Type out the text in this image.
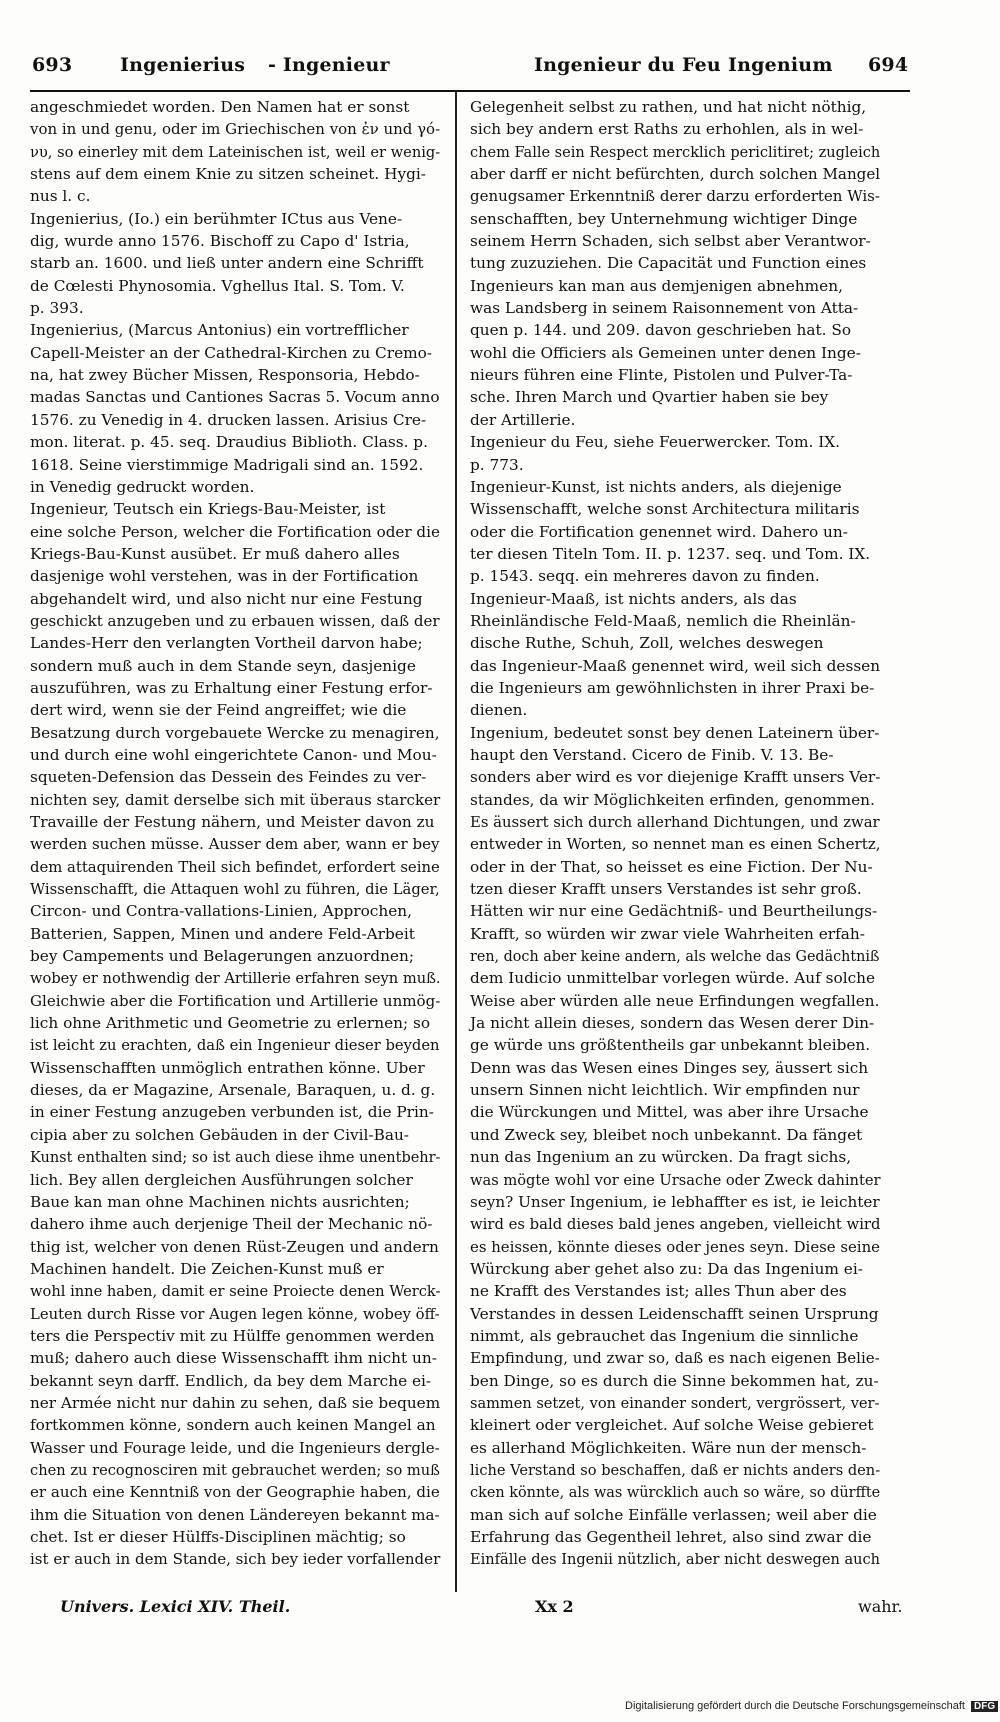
693	Ingenierius - Ingenieur	Ingenieur du Feu Ingenium 694
angeschmiedet worden. Den Namen hat er sonst
von in und genu, oder im Griechischen von ἐν und γό-
νυ, so einerley mit dem Lateinischen ist, weil er wenig-
stens auf dem einem Knie zu sitzen scheinet. Hygi-
nus l. c.
Ingenierius, (Io.) ein berühmter ICtus aus Vene-
dig, wurde anno 1576. Bischoff zu Capo d' Istria,
starb an. 1600. und ließ unter andern eine Schrifft
de Cœlesti Phynosomia. Vghellus Ital. S. Tom. V.
p. 393.
Ingenierius, (Marcus Antonius) ein vortrefflicher
Capell-Meister an der Cathedral-Kirchen zu Cremo-
na, hat zwey Bücher Missen, Responsoria, Hebdo-
madas Sanctas und Cantiones Sacras 5. Vocum anno
1576. zu Venedig in 4. drucken lassen. Arisius Cre-
mon. literat. p. 45. seq. Draudius Biblioth. Class. p.
1618. Seine vierstimmige Madrigali sind an. 1592.
in Venedig gedruckt worden.
Ingenieur, Teutsch ein Kriegs-Bau-Meister, ist
eine solche Person, welcher die Fortification oder die
Kriegs-Bau-Kunst ausübet. Er muß dahero alles
dasjenige wohl verstehen, was in der Fortification
abgehandelt wird, und also nicht nur eine Festung
geschickt anzugeben und zu erbauen wissen, daß der
Landes-Herr den verlangten Vortheil darvon habe;
sondern muß auch in dem Stande seyn, dasjenige
auszuführen, was zu Erhaltung einer Festung erfor-
dert wird, wenn sie der Feind angreiffet; wie die
Besatzung durch vorgebauete Wercke zu menagiren,
und durch eine wohl eingerichtete Canon- und Mou-
squeten-Defension das Dessein des Feindes zu ver-
nichten sey, damit derselbe sich mit überaus starcker
Travaille der Festung nähern, und Meister davon zu
werden suchen müsse. Ausser dem aber, wann er bey
dem attaquirenden Theil sich befindet, erfordert seine
Wissenschafft, die Attaquen wohl zu führen, die Läger,
Circon- und Contra-vallations-Linien, Approchen,
Batterien, Sappen, Minen und andere Feld-Arbeit
bey Campements und Belagerungen anzuordnen;
wobey er nothwendig der Artillerie erfahren seyn muß.
Gleichwie aber die Fortification und Artillerie unmög-
lich ohne Arithmetic und Geometrie zu erlernen; so
ist leicht zu erachten, daß ein Ingenieur dieser beyden
Wissenschafften unmöglich entrathen könne. Uber
dieses, da er Magazine, Arsenale, Baraquen, u. d. g.
in einer Festung anzugeben verbunden ist, die Prin-
cipia aber zu solchen Gebäuden in der Civil-Bau-
Kunst enthalten sind; so ist auch diese ihme unentbehr-
lich. Bey allen dergleichen Ausführungen solcher
Baue kan man ohne Machinen nichts ausrichten;
dahero ihme auch derjenige Theil der Mechanic nö-
thig ist, welcher von denen Rüst-Zeugen und andern
Machinen handelt. Die Zeichen-Kunst muß er
wohl inne haben, damit er seine Proiecte denen Werck-
Leuten durch Risse vor Augen legen könne, wobey öff-
ters die Perspectiv mit zu Hülffe genommen werden
muß; dahero auch diese Wissenschafft ihm nicht un-
bekannt seyn darff. Endlich, da bey dem Marche ei-
ner Armée nicht nur dahin zu sehen, daß sie bequem
fortkommen könne, sondern auch keinen Mangel an
Wasser und Fourage leide, und die Ingenieurs dergle-
chen zu recognosciren mit gebrauchet werden; so muß
er auch eine Kenntniß von der Geographie haben, die
ihm die Situation von denen Ländereyen bekannt ma-
chet. Ist er dieser Hülffs-Disciplinen mächtig; so
ist er auch in dem Stande, sich bey ieder vorfallender
Gelegenheit selbst zu rathen, und hat nicht nöthig,
sich bey andern erst Raths zu erhohlen, als in wel-
chem Falle sein Respect mercklich periclitiret; zugleich
aber darff er nicht befürchten, durch solchen Mangel
genugsamer Erkenntniß derer darzu erforderten Wis-
senschafften, bey Unternehmung wichtiger Dinge
seinem Herrn Schaden, sich selbst aber Verantwor-
tung zuzuziehen. Die Capacität und Function eines
Ingenieurs kan man aus demjenigen abnehmen,
was Landsberg in seinem Raisonnement von Atta-
quen p. 144. und 209. davon geschrieben hat. So
wohl die Officiers als Gemeinen unter denen Inge-
nieurs führen eine Flinte, Pistolen und Pulver-Ta-
sche. Ihren March und Qvartier haben sie bey
der Artillerie.
Ingenieur du Feu, siehe Feuerwercker. Tom. IX.
p. 773.
Ingenieur-Kunst, ist nichts anders, als diejenige
Wissenschafft, welche sonst Architectura militaris
oder die Fortification genennet wird. Dahero un-
ter diesen Titeln Tom. II. p. 1237. seq. und Tom. IX.
p. 1543. seqq. ein mehreres davon zu finden.
Ingenieur-Maaß, ist nichts anders, als das
Rheinländische Feld-Maaß, nemlich die Rheinlän-
dische Ruthe, Schuh, Zoll, welches deswegen
das Ingenieur-Maaß genennet wird, weil sich dessen
die Ingenieurs am gewöhnlichsten in ihrer Praxi be-
dienen.
Ingenium, bedeutet sonst bey denen Lateinern über-
haupt den Verstand. Cicero de Finib. V. 13. Be-
sonders aber wird es vor diejenige Krafft unsers Ver-
standes, da wir Möglichkeiten erfinden, genommen.
Es äussert sich durch allerhand Dichtungen, und zwar
entweder in Worten, so nennet man es einen Schertz,
oder in der That, so heisset es eine Fiction. Der Nu-
tzen dieser Krafft unsers Verstandes ist sehr groß.
Hätten wir nur eine Gedächtniß- und Beurtheilungs-
Krafft, so würden wir zwar viele Wahrheiten erfah-
ren, doch aber keine andern, als welche das Gedächtniß
dem Iudicio unmittelbar vorlegen würde. Auf solche
Weise aber würden alle neue Erfindungen wegfallen.
Ja nicht allein dieses, sondern das Wesen derer Din-
ge würde uns größtentheils gar unbekannt bleiben.
Denn was das Wesen eines Dinges sey, äussert sich
unsern Sinnen nicht leichtlich. Wir empfinden nur
die Würckungen und Mittel, was aber ihre Ursache
und Zweck sey, bleibet noch unbekannt. Da fänget
nun das Ingenium an zu würcken. Da fragt sichs,
was mögte wohl vor eine Ursache oder Zweck dahinter
seyn? Unser Ingenium, ie lebhaffter es ist, ie leichter
wird es bald dieses bald jenes angeben, vielleicht wird
es heissen, könnte dieses oder jenes seyn. Diese seine
Würckung aber gehet also zu: Da das Ingenium ei-
ne Krafft des Verstandes ist; alles Thun aber des
Verstandes in dessen Leidenschafft seinen Ursprung
nimmt, als gebrauchet das Ingenium die sinnliche
Empfindung, und zwar so, daß es nach eigenen Belie-
ben Dinge, so es durch die Sinne bekommen hat, zu-
sammen setzet, von einander sondert, vergrössert, ver-
kleinert oder vergleichet. Auf solche Weise gebieret
es allerhand Möglichkeiten. Wäre nun der mensch-
liche Verstand so beschaffen, daß er nichts anders den-
cken könnte, als was würcklich auch so wäre, so dürffte
man sich auf solche Einfälle verlassen; weil aber die
Erfahrung das Gegentheil lehret, also sind zwar die
Einfälle des Ingenii nützlich, aber nicht deswegen auch
Univers. Lexici XIV. Theil.	Xx 2	wahr.
Digitalisierung gefördert durch die Deutsche Forschungsgemeinschaft DFG
